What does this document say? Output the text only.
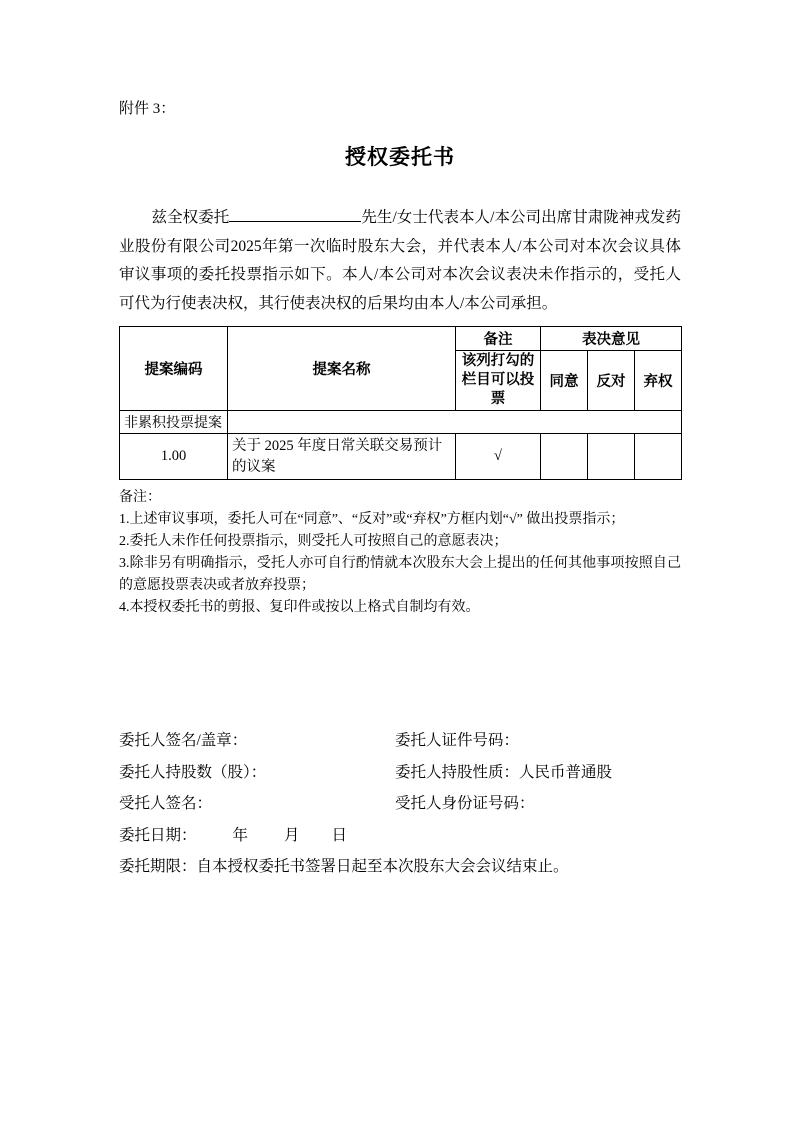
附件 3：
授权委托书

兹全权委托	先生/女士代表本人/本公司出席甘肃陇神戎发药业股份有限公司2025年第一次临时股东大会，并代表本人/本公司对本次会议具体审议事项的委托投票指示如下。本人/本公司对本次会议表决未作指示的，受托人可代为行使表决权，其行使表决权的后果均由本人/本公司承担。

提案编码	提案名称	备注	表决意见		
		该列打勾的栏目可以投票	同意	反对	弃权
非累积投票提案					
1.00	关于 2025 年度日常关联交易预计的议案	√			
备注：
1.上述审议事项，委托人可在“同意”、“反对”或“弃权”方框内划“√” 做出投票指示；
2.委托人未作任何投票指示，则受托人可按照自己的意愿表决；
3.除非另有明确指示，受托人亦可自行酌情就本次股东大会上提出的任何其他事项按照自己的意愿投票表决或者放弃投票；
4.本授权委托书的剪报、复印件或按以上格式自制均有效。
委托人签名/盖章：	委托人证件号码：
委托人持股数（股）：	委托人持股性质：人民币普通股
受托人签名：	受托人身份证号码：
委托日期： 年 月 日
委托期限：自本授权委托书签署日起至本次股东大会会议结束止。
